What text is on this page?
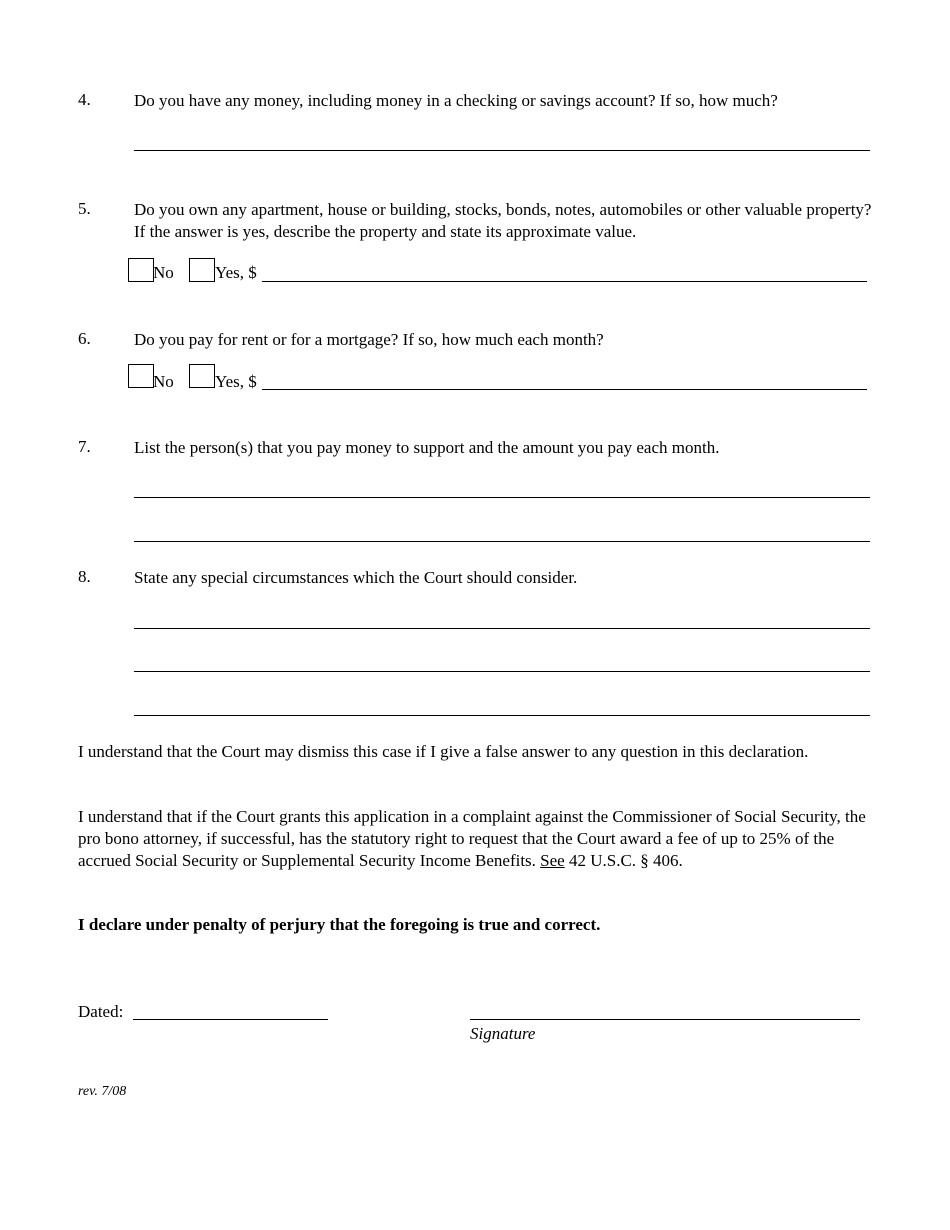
4.	Do you have any money, including money in a checking or savings account? If so, how much?
5.	Do you own any apartment, house or building, stocks, bonds, notes, automobiles or other valuable property? If the answer is yes, describe the property and state its approximate value.
No Yes, $
6.	Do you pay for rent or for a mortgage? If so, how much each month?
No Yes, $
7.	List the person(s) that you pay money to support and the amount you pay each month.
8.	State any special circumstances which the Court should consider.
I understand that the Court may dismiss this case if I give a false answer to any question in this declaration.
I understand that if the Court grants this application in a complaint against the Commissioner of Social Security, the pro bono attorney, if successful, has the statutory right to request that the Court award a fee of up to 25% of the accrued Social Security or Supplemental Security Income Benefits. See 42 U.S.C. § 406.
I declare under penalty of perjury that the foregoing is true and correct.
Dated:
Signature
rev. 7/08
